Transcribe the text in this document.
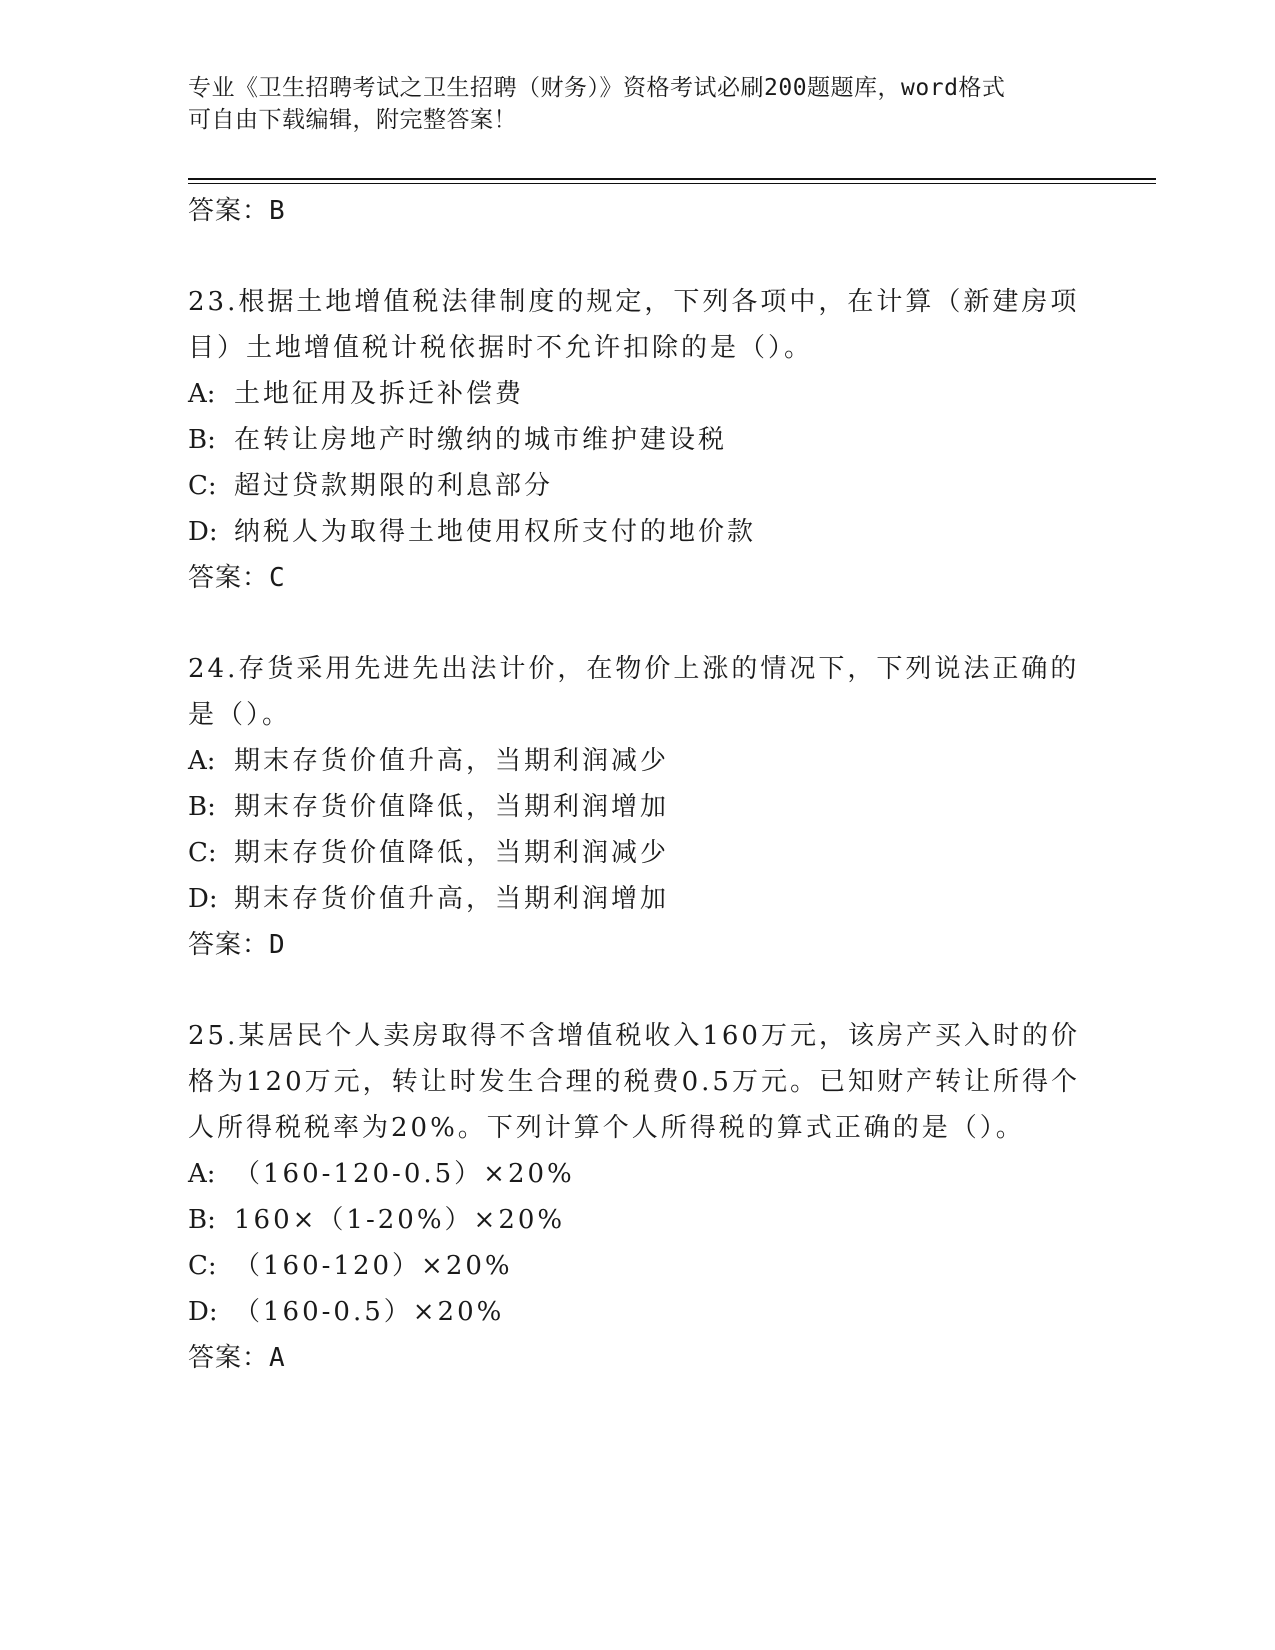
专业《卫生招聘考试之卫生招聘（财务）》资格考试必刷200题题库，word格式
可自由下载编辑，附完整答案！
答案：B
23.根据土地增值税法律制度的规定，下列各项中，在计算（新建房项目）土地增值税计税依据时不允许扣除的是（）。
A: 土地征用及拆迁补偿费
B: 在转让房地产时缴纳的城市维护建设税
C: 超过贷款期限的利息部分
D: 纳税人为取得土地使用权所支付的地价款
答案：C
24.存货采用先进先出法计价，在物价上涨的情况下，下列说法正确的是（）。
A: 期末存货价值升高，当期利润减少
B: 期末存货价值降低，当期利润增加
C: 期末存货价值降低，当期利润减少
D: 期末存货价值升高，当期利润增加
答案：D
25.某居民个人卖房取得不含增值税收入160万元，该房产买入时的价格为120万元，转让时发生合理的税费0.5万元。已知财产转让所得个人所得税税率为20%。下列计算个人所得税的算式正确的是（）。
A: （160-120-0.5）×20%
B: 160×（1-20%）×20%
C: （160-120）×20%
D: （160-0.5）×20%
答案：A
